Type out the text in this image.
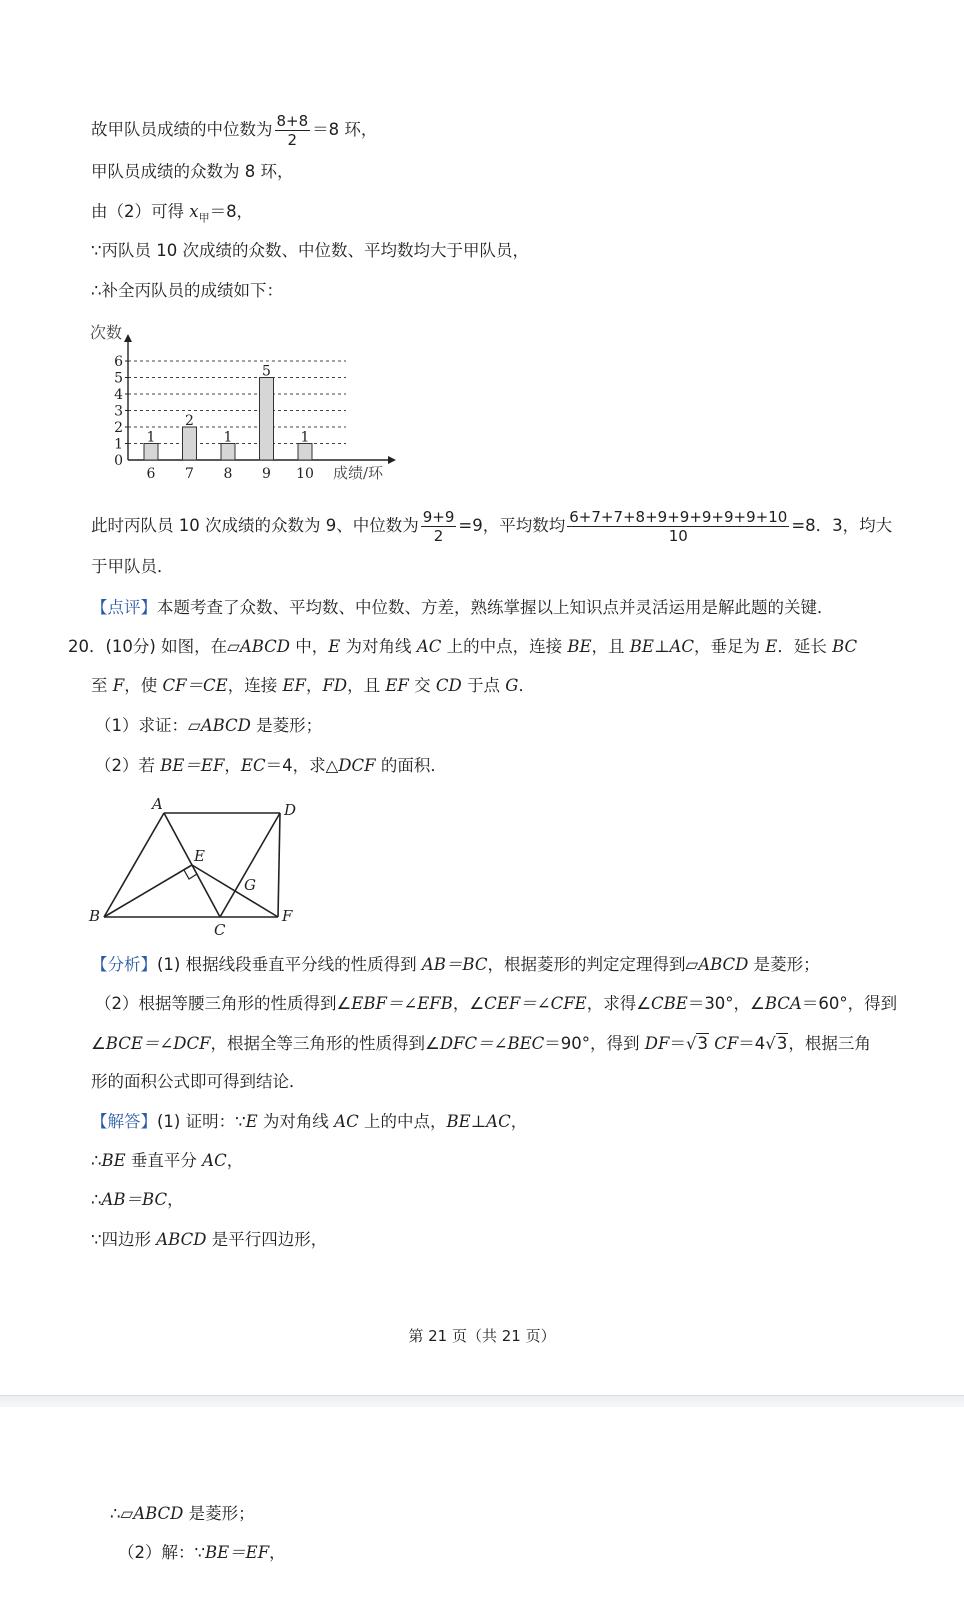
故甲队员成绩的中位数为 $\frac{8+8}{2} =8$ 环，
甲队员成绩的众数为 8 环，
由（2）可得 $x_甲=8$，
∵丙队员 10 次成绩的众数、中位数、平均数均大于甲队员，
∴补全丙队员的成绩如下：
0
1
2
3
4
5
6
1
6
2
7
1
8
5
9
1
10
次数
成绩/环
此时丙队员 10 次成绩的众数为 9、中位数为 $\frac{9+9}{2} =9$，平均数均 $\frac{6+7+7+8+9+9+9+9+9+10}{10} =8$．3，均大
于甲队员．
【点评】本题考查了众数、平均数、中位数、方差，熟练掌握以上知识点并灵活运用是解此题的关键．
20．(10分) 如图，在▱ABCD 中，E 为对角线 AC 上的中点，连接 BE，且 BE⊥AC，垂足为 E．延长 BC
至 F，使 CF＝CE，连接 EF，FD，且 EF 交 CD 于点 G．
（1）求证：▱ABCD 是菱形；
（2）若 BE＝EF，EC＝4，求△DCF 的面积．
A	D
E
G
B
C
F
【分析】(1) 根据线段垂直平分线的性质得到 AB＝BC，根据菱形的判定定理得到▱ABCD 是菱形；
（2）根据等腰三角形的性质得到∠EBF＝∠EFB，∠CEF＝∠CFE，求得∠CBE＝30°，∠BCA＝60°，得到
∠BCE＝∠DCF，根据全等三角形的性质得到∠DFC＝∠BEC＝90°，得到 DF＝√3 CF＝4√3，根据三角
形的面积公式即可得到结论．
【解答】(1) 证明：∵E 为对角线 AC 上的中点，BE⊥AC，
∴BE 垂直平分 AC，
∴AB＝BC，
∵四边形 ABCD 是平行四边形，
第 21 页（共 21 页）
∴▱ABCD 是菱形；
（2）解：∵BE＝EF，
